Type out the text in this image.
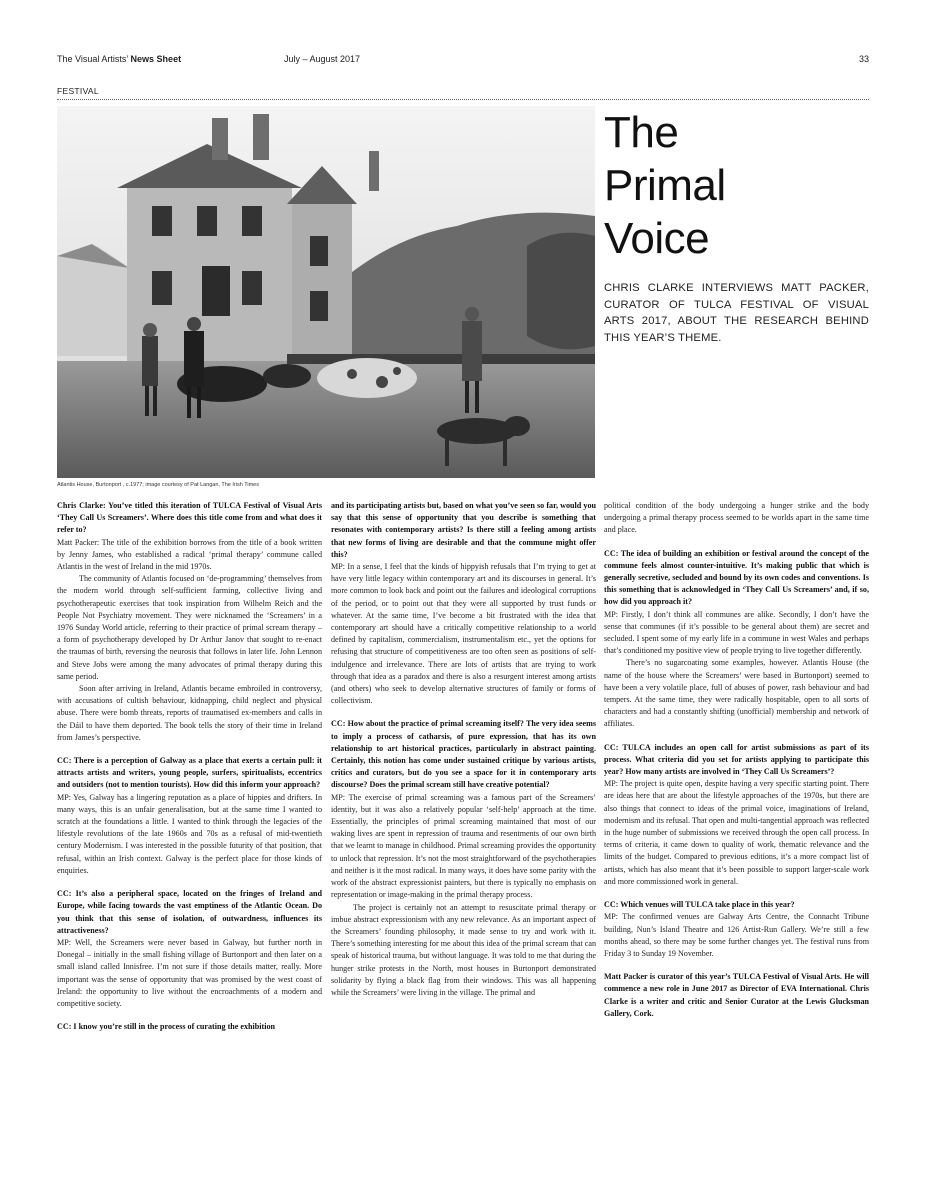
The Visual Artists’ News Sheet	July – August 2017	33
FESTIVAL
Atlantis House, Burtonport , c.1977; image courtesy of Pat Langan, The Irish Times
The
Primal
Voice

CHRIS CLARKE INTERVIEWS MATT PACKER, CURATOR OF TULCA FESTIVAL OF VISUAL ARTS 2017, ABOUT THE RESEARCH BEHIND THIS YEAR’S THEME.

Chris Clarke: You’ve titled this iteration of TULCA Festival of Visual Arts ‘They Call Us Screamers’. Where does this title come from and what does it refer to?

Matt Packer: The title of the exhibition borrows from the title of a book written by Jenny James, who established a radical ‘primal therapy’ commune called Atlantis in the west of Ireland in the mid 1970s.

The community of Atlantis focused on ‘de-programming’ themselves from the modern world through self-sufficient farming, collective living and psychotherapeutic exercises that took inspiration from Wilhelm Reich and the People Not Psychiatry movement. They were nicknamed the ‘Screamers’ in a 1976 Sunday World article, referring to their practice of primal scream therapy – a form of psychotherapy developed by Dr Arthur Janov that sought to re-enact the traumas of birth, reversing the neurosis that follows in later life. John Lennon and Steve Jobs were among the many advocates of primal therapy during this same period.

Soon after arriving in Ireland, Atlantis became embroiled in controversy, with accusations of cultish behaviour, kidnapping, child neglect and physical abuse. There were bomb threats, reports of traumatised ex-members and calls in the Dáil to have them deported. The book tells the story of their time in Ireland from James’s perspective.

CC: There is a perception of Galway as a place that exerts a certain pull: it attracts artists and writers, young people, surfers, spiritualists, eccentrics and outsiders (not to mention tourists). How did this inform your approach?

MP: Yes, Galway has a lingering reputation as a place of hippies and drifters. In many ways, this is an unfair generalisation, but at the same time I wanted to scratch at the foundations a little. I wanted to think through the legacies of the lifestyle revolutions of the late 1960s and 70s as a refusal of mid-twentieth century Modernism. I was interested in the possible futurity of that position, that refusal, within an Irish context. Galway is the perfect place for those kinds of enquiries.

CC: It’s also a peripheral space, located on the fringes of Ireland and Europe, while facing towards the vast emptiness of the Atlantic Ocean. Do you think that this sense of isolation, of outwardness, influences its attractiveness?

MP: Well, the Screamers were never based in Galway, but further north in Donegal – initially in the small fishing village of Burtonport and then later on a small island called Innisfree. I’m not sure if those details matter, really. More important was the sense of opportunity that was promised by the west coast of Ireland: the opportunity to live without the encroachments of a modern and competitive society.

CC: I know you’re still in the process of curating the exhibition

and its participating artists but, based on what you’ve seen so far, would you say that this sense of opportunity that you describe is something that resonates with contemporary artists? Is there still a feeling among artists that new forms of living are desirable and that the commune might offer this?

MP: In a sense, I feel that the kinds of hippyish refusals that I’m trying to get at have very little legacy within contemporary art and its discourses in general. It’s more common to look back and point out the failures and ideological corruptions of the period, or to point out that they were all supported by trust funds or whatever. At the same time, I’ve become a bit frustrated with the idea that contemporary art should have a critically competitive relationship to a world defined by capitalism, commercialism, instrumentalism etc., yet the options for refusing that structure of competitiveness are too often seen as positions of self-indulgence and irrelevance. There are lots of artists that are trying to work through that idea as a paradox and there is also a resurgent interest among artists (and others) who seek to develop alternative structures of family or forms of collectivism.

CC: How about the practice of primal screaming itself? The very idea seems to imply a process of catharsis, of pure expression, that has its own relationship to art historical practices, particularly in abstract painting. Certainly, this notion has come under sustained critique by various artists, critics and curators, but do you see a space for it in contemporary arts discourse? Does the primal scream still have creative potential?

MP: The exercise of primal screaming was a famous part of the Screamers’ identity, but it was also a relatively popular ‘self-help’ approach at the time. Essentially, the principles of primal screaming maintained that most of our waking lives are spent in repression of trauma and resentments of our own birth that we learnt to manage in childhood. Primal screaming provides the opportunity to unlock that repression. It’s not the most straightforward of the psychotherapies and neither is it the most radical. In many ways, it does have some parity with the work of the abstract expressionist painters, but there is typically no emphasis on representation or image-making in the primal therapy process.

The project is certainly not an attempt to resuscitate primal therapy or imbue abstract expressionism with any new relevance. As an important aspect of the Screamers’ founding philosophy, it made sense to try and work with it. There’s something interesting for me about this idea of the primal scream that can speak of historical trauma, but without language. It was told to me that during the hunger strike protests in the North, most houses in Burtonport demonstrated solidarity by flying a black flag from their windows. This was all happening while the Screamers’ were living in the village. The primal and

political condition of the body undergoing a hunger strike and the body undergoing a primal therapy process seemed to be worlds apart in the same time and place.

CC: The idea of building an exhibition or festival around the concept of the commune feels almost counter-intuitive. It’s making public that which is generally secretive, secluded and bound by its own codes and conventions. Is this something that is acknowledged in ‘They Call Us Screamers’ and, if so, how did you approach it?

MP: Firstly, I don’t think all communes are alike. Secondly, I don’t have the sense that communes (if it’s possible to be general about them) are secret and secluded. I spent some of my early life in a commune in west Wales and perhaps that’s conditioned my positive view of people trying to live together differently.

There’s no sugarcoating some examples, however. Atlantis House (the name of the house where the Screamers’ were based in Burtonport) seemed to have been a very volatile place, full of abuses of power, rash behaviour and bad tempers. At the same time, they were radically hospitable, open to all sorts of characters and had a constantly shifting (unofficial) membership and network of affiliates.

CC: TULCA includes an open call for artist submissions as part of its process. What criteria did you set for artists applying to participate this year? How many artists are involved in ‘They Call Us Screamers’?

MP: The project is quite open, despite having a very specific starting point. There are ideas here that are about the lifestyle approaches of the 1970s, but there are also things that connect to ideas of the primal voice, imaginations of Ireland, modernism and its refusal. That open and multi-tangential approach was reflected in the huge number of submissions we received through the open call process. In terms of criteria, it came down to quality of work, thematic relevance and the limits of the budget. Compared to previous editions, it’s a more compact list of artists, which has also meant that it’s been possible to support larger-scale work and more commissioned work in general.

CC: Which venues will TULCA take place in this year?

MP: The confirmed venues are Galway Arts Centre, the Connacht Tribune building, Nun’s Island Theatre and 126 Artist-Run Gallery. We’re still a few months ahead, so there may be some further changes yet. The festival runs from Friday 3 to Sunday 19 November.

Matt Packer is curator of this year’s TULCA Festival of Visual Arts. He will commence a new role in June 2017 as Director of EVA International. Chris Clarke is a writer and critic and Senior Curator at the Lewis Glucksman Gallery, Cork.
